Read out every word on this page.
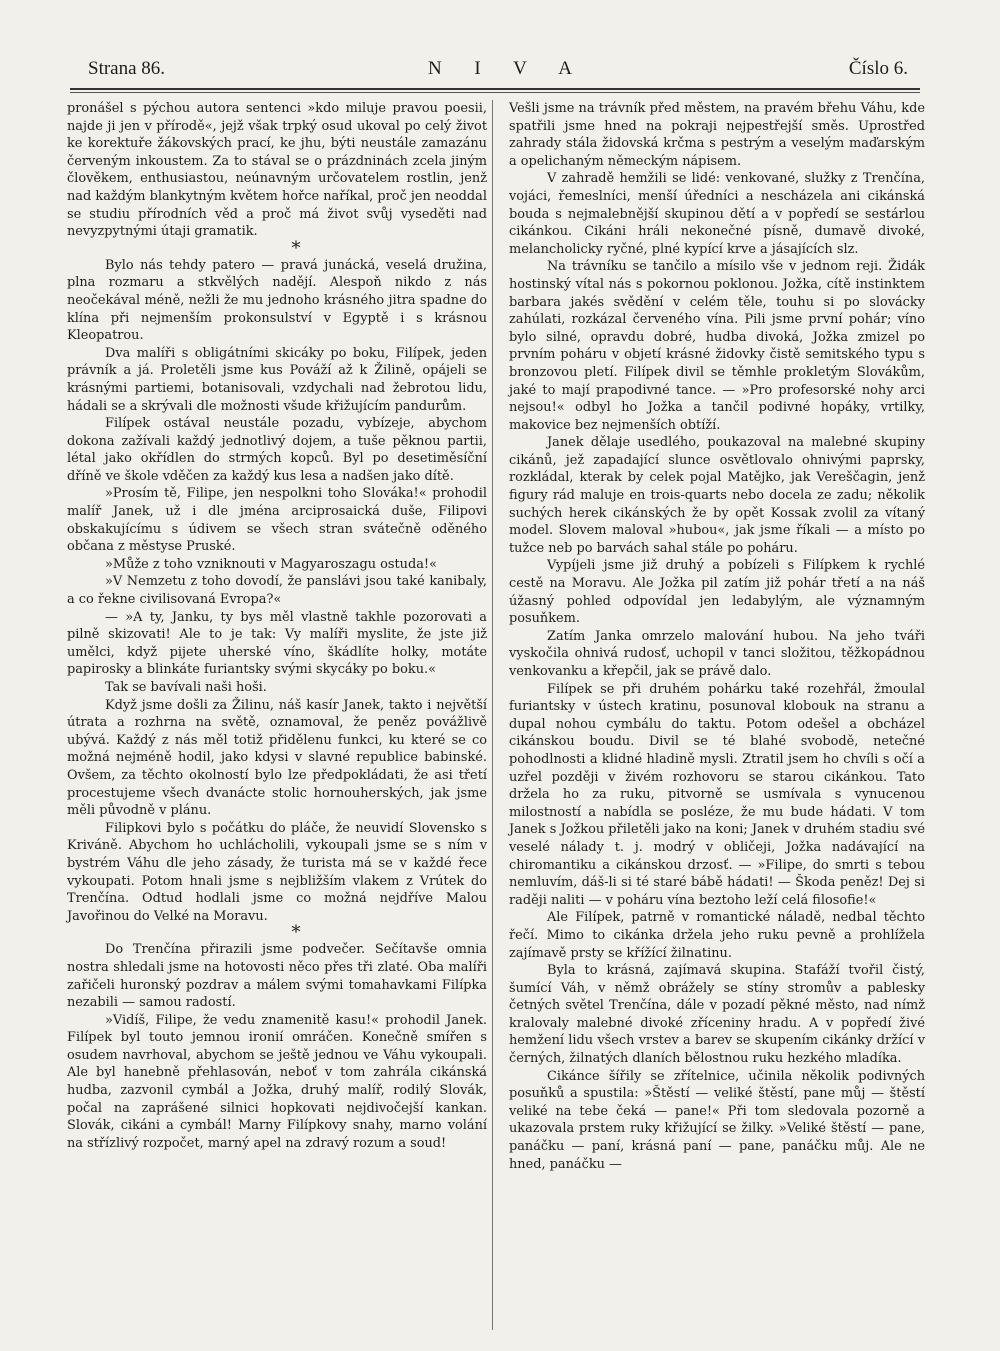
Strana 86.	N I V A	Číslo 6.

pronášel s pýchou autora sentenci »kdo miluje pravou poesii, najde ji jen v přírodě«, jejž však trpký osud ukoval po celý život ke korektuře žákovských prací, ke jhu, býti neustále zamazánu červeným inkoustem. Za to stával se o prázdninách zcela jiným člověkem, enthusiastou, neúnavným určovatelem rostlin, jenž nad každým blankytným květem hořce naříkal, proč jen neoddal se studiu přírodních věd a proč má život svůj vyseděti nad nevyzpytnými útaji gramatik.

*

Bylo nás tehdy patero — pravá junácká, veselá družina, plna rozmaru a stkvělých nadějí. Alespoň nikdo z nás neočekával méně, nežli že mu jednoho krásného jitra spadne do klína při nejmenším prokonsulství v Egyptě i s krásnou Kleopatrou.

Dva malíři s obligátními skicáky po boku, Filípek, jeden právník a já. Proletěli jsme kus Pováží až k Žilině, opájeli se krásnými partiemi, botanisovali, vzdychali nad žebrotou lidu, hádali se a skrývali dle možnosti všude křižujícím pandurům.

Filípek ostával neustále pozadu, vybízeje, abychom dokona zažívali každý jednotlivý dojem, a tuše pěknou partii, létal jako okřídlen do strmých kopců. Byl po desetiměsíční dříně ve škole vděčen za každý kus lesa a nadšen jako dítě.

»Prosím tě, Filipe, jen nespolkni toho Slováka!« prohodil malíř Janek, už i dle jména arciprosaická duše, Filipovi obskakujícímu s údivem se všech stran svátečně oděného občana z městyse Pruské.

»Může z toho vzniknouti v Magyaroszagu ostuda!«

»V Nemzetu z toho dovodí, že panslávi jsou také kanibaly, a co řekne civilisovaná Evropa?«

— »A ty, Janku, ty bys měl vlastně takhle pozorovati a pilně skizovati! Ale to je tak: Vy malíři myslite, že jste již umělci, když pijete uherské víno, škádlíte holky, motáte papirosky a blinkáte furiantsky svými skycáky po boku.«

Tak se bavívali naši hoši.

Když jsme došli za Žilinu, náš kasír Janek, takto i největší útrata a rozhrna na světě, oznamoval, že peněz povážlivě ubývá. Každý z nás měl totiž přidělenu funkci, ku které se co možná nejméně hodil, jako kdysi v slavné republice babinské. Ovšem, za těchto okolností bylo lze předpokládati, že asi třetí procestujeme všech dvanácte stolic hornouherských, jak jsme měli původně v plánu.

Filipkovi bylo s počátku do pláče, že neuvidí Slovensko s Kriváně. Abychom ho uchlácholili, vykoupali jsme se s ním v bystrém Váhu dle jeho zásady, že turista má se v každé řece vykoupati. Potom hnali jsme s nejbližším vlakem z Vrútek do Trenčína. Odtud hodlali jsme co možná nejdříve Malou Javořinou do Velké na Moravu.

*

Do Trenčína přirazili jsme podvečer. Sečítavše omnia nostra shledali jsme na hotovosti něco přes tři zlaté. Oba malíři zařičeli huronský pozdrav a málem svými tomahavkami Filípka nezabili — samou radostí.

»Vidíš, Filipe, že vedu znamenitě kasu!« prohodil Janek. Filípek byl touto jemnou ironií omráčen. Konečně smířen s osudem navrhoval, abychom se ještě jednou ve Váhu vykoupali. Ale byl hanebně přehlasován, neboť v tom zahrála cikánská hudba, zazvonil cymbál a Jožka, druhý malíř, rodilý Slovák, počal na zaprášené silnici hopkovati nejdivočejší kankan. Slovák, cikáni a cymbál! Marny Filípkovy snahy, marno volání na střízlivý rozpočet, marný apel na zdravý rozum a soud!

Vešli jsme na trávník před městem, na pravém břehu Váhu, kde spatřili jsme hned na pokraji nejpestřejší směs. Uprostřed zahrady stála židovská krčma s pestrým a veselým maďarským a opelichaným německým nápisem.

V zahradě hemžili se lidé: venkované, služky z Trenčína, vojáci, řemeslníci, menší úředníci a nescházela ani cikánská bouda s nejmalebnější skupinou dětí a v popředí se sestárlou cikánkou. Cikáni hráli nekonečné písně, dumavě divoké, melancholicky ryčné, plné kypící krve a jásajících slz.

Na trávníku se tančilo a mísilo vše v jednom reji. Židák hostinský vítal nás s pokornou poklonou. Jožka, cítě instinktem barbara jakés svědění v celém těle, touhu si po slovácky zahúlati, rozkázal červeného vína. Pili jsme první pohár; víno bylo silné, opravdu dobré, hudba divoká, Jožka zmizel po prvním poháru v objetí krásné židovky čistě semitského typu s bronzovou pletí. Filípek divil se těmhle prokletým Slovákům, jaké to mají prapodivné tance. — »Pro profesorské nohy arci nejsou!« odbyl ho Jožka a tančil podivné hopáky, vrtilky, makovice bez nejmenších obtíží.

Janek dělaje usedlého, poukazoval na malebné skupiny cikánů, jež zapadající slunce osvětlovalo ohnivými paprsky, rozkládal, kterak by celek pojal Matějko, jak Vereščagin, jenž figury rád maluje en trois-quarts nebo docela ze zadu; několik suchých herek cikánských že by opět Kossak zvolil za vítaný model. Slovem maloval »hubou«, jak jsme říkali — a místo po tužce neb po barvách sahal stále po poháru.

Vypíjeli jsme již druhý a pobízeli s Filípkem k rychlé cestě na Moravu. Ale Jožka pil zatím již pohár třetí a na náš úžasný pohled odpovídal jen ledabylým, ale významným posuňkem.

Zatím Janka omrzelo malování hubou. Na jeho tváři vyskočila ohnivá rudosť, uchopil v tanci složitou, těžkopádnou venkovanku a křepčil, jak se právě dalo.

Filípek se při druhém pohárku také rozehřál, žmoulal furiantsky v ústech kratinu, posunoval klobouk na stranu a dupal nohou cymbálu do taktu. Potom odešel a obcházel cikánskou boudu. Divil se té blahé svobodě, netečné pohodlnosti a klidné hladině mysli. Ztratil jsem ho chvíli s očí a uzřel později v živém rozhovoru se starou cikánkou. Tato držela ho za ruku, pitvorně se usmívala s vynucenou milostností a nabídla se posléze, že mu bude hádati. V tom Janek s Jožkou přiletěli jako na koni; Janek v druhém stadiu své veselé nálady t. j. modrý v obličeji, Jožka nadávající na chiromantiku a cikánskou drzosť. — »Filipe, do smrti s tebou nemluvím, dáš-li si té staré bábě hádati! — Škoda peněz! Dej si raději naliti — v poháru vína beztoho leží celá filosofie!«

Ale Filípek, patrně v romantické náladě, nedbal těchto řečí. Mimo to cikánka držela jeho ruku pevně a prohlížela zajímavě prsty se křížící žilnatinu.

Byla to krásná, zajímavá skupina. Stafáží tvořil čistý, šumící Váh, v němž obrážely se stíny stromův a pablesky četných světel Trenčína, dále v pozadí pěkné město, nad nímž kralovaly malebné divoké zříceniny hradu. A v popředí živé hemžení lidu všech vrstev a barev se skupením cikánky držící v černých, žilnatých dlaních bělostnou ruku hezkého mladíka.

Cikánce šířily se zřítelnice, učinila několik podivných posuňků a spustila: »Štěstí — veliké štěstí, pane můj — štěstí veliké na tebe čeká — pane!« Při tom sledovala pozorně a ukazovala prstem ruky křižující se žilky. »Veliké štěstí — pane, panáčku — paní, krásná paní — pane, panáčku můj. Ale ne hned, panáčku —
